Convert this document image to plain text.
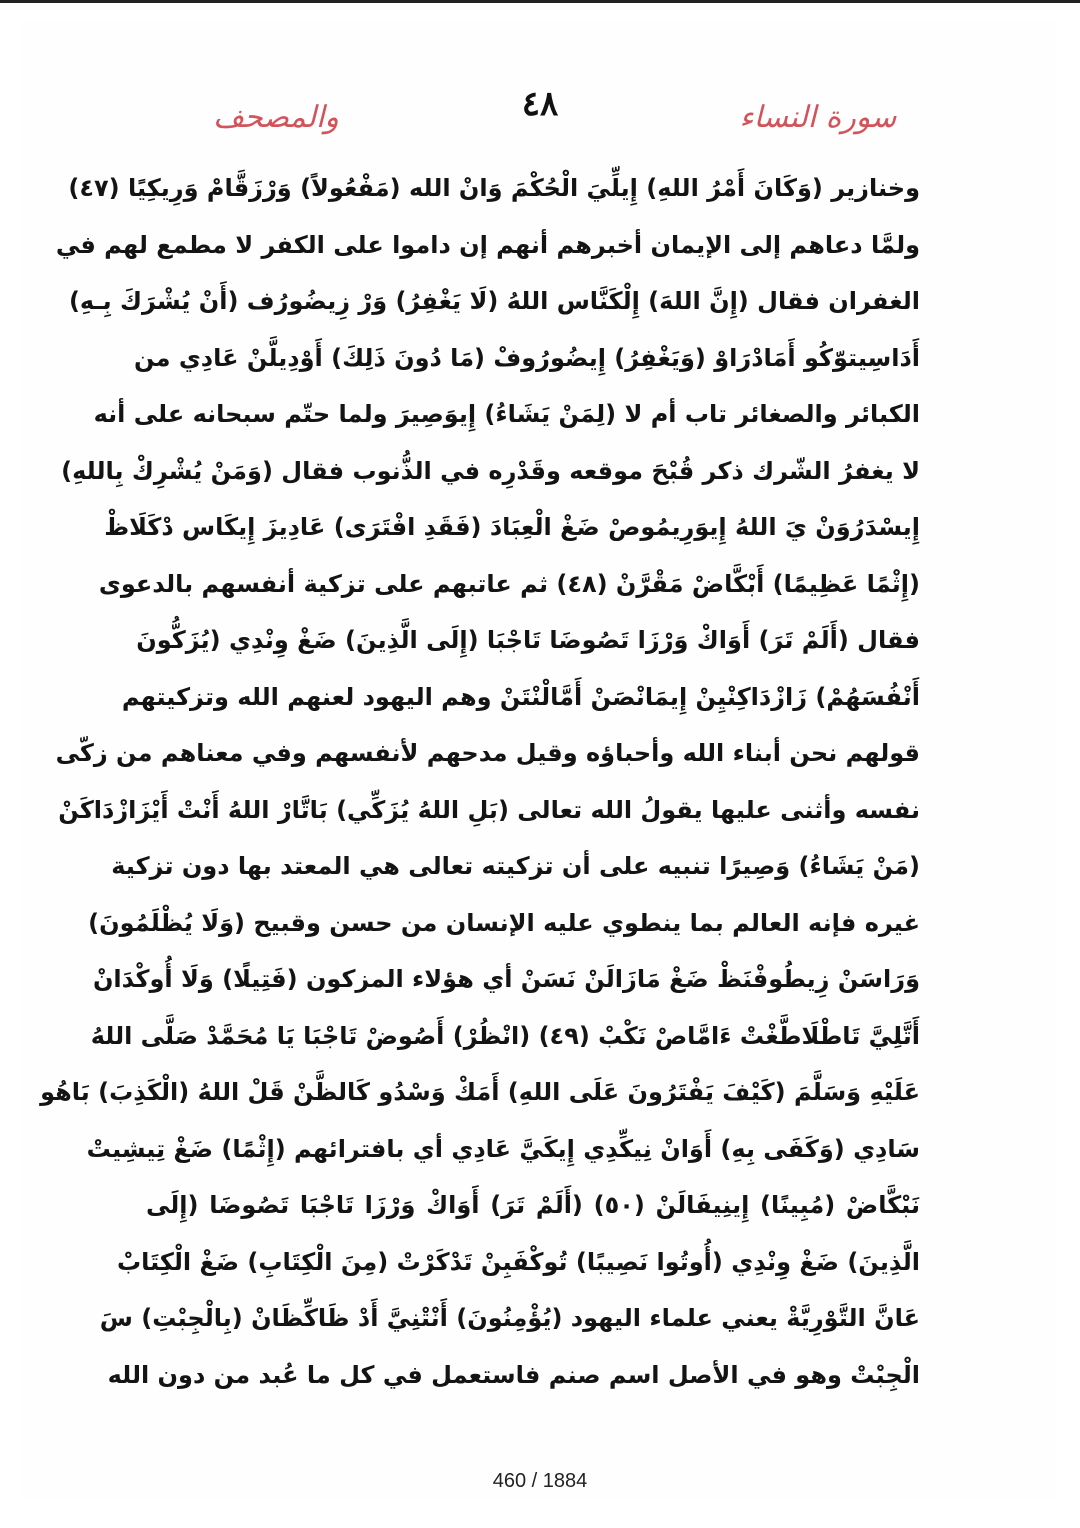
سورة النساء
٤٨
والمصحف
وخنازير (وَكَانَ أَمْرُ اللهِ) إِيلِّيَ الْحُكْمَ وَانْ الله (مَفْعُولاً) وَرْزَقَّامْ وَرِيكِيًا (٤٧)
ولمَّا دعاهم إلى الإيمان أخبرهم أنهم إن داموا على الكفر لا مطمع لهم في
الغفران فقال (إِنَّ اللهَ) إِلْكَنَّاس اللهُ (لَا يَغْفِرُ) وَرْ زِيضُورُف (أَنْ يُشْرَكَ بِـهِ)
أَدَاسِيتوّكُو أَمَادْرَاوْ (وَيَغْفِرُ) إِيضُورُوفْ (مَا دُونَ ذَلِكَ) أَوْدِيلَّنْ عَادِي من
الكبائر والصغائر تاب أم لا (لِمَنْ يَشَاءُ) إِيوَصِيرَ ولما حتّم سبحانه على أنه
لا يغفرُ الشّرك ذكر قُبْحَ موقعه وقَدْرِه في الذُّنوب فقال (وَمَنْ يُشْرِكْ بِاللهِ)
إِيسْدَرُوَنْ يَ اللهُ إِيوَرِيمُوصْ ضَغْ الْعِبَادَ (فَقَدِ افْتَرَى) عَادِيزَ إِيكَاس دْكَلَاظْ
(إِثْمًا عَظِيمًا) أَبْكَّاضْ مَقْرَّنْ (٤٨) ثم عاتبهم على تزكية أنفسهم بالدعوى
فقال (أَلَمْ تَرَ) أَوَاكْ وَرْزَا تَصُوضَا تَاجْبَا (إِلَى الَّذِينَ) ضَغْ وِنْدِي (يُزَكُّونَ
أَنْفُسَهُمْ) زَازْدَاكِنْيِنْ إِيمَانْصَنْ أَمَّالْنْتَنْ وهم اليهود لعنهم الله وتزكيتهم
قولهم نحن أبناء الله وأحباؤه وقيل مدحهم لأنفسهم وفي معناهم من زكّى
نفسه وأثنى عليها يقولُ الله تعالى (بَلِ اللهُ يُزَكِّي) بَاتَّارْ اللهُ أَنْتْ أَيْزَازْدَاكَنْ
(مَنْ يَشَاءُ) وَصِيرًا تنبيه على أن تزكيته تعالى هي المعتد بها دون تزكية
غيره فإنه العالم بما ينطوي عليه الإنسان من حسن وقبيح (وَلَا يُظْلَمُونَ)
وَرَاسَنْ زِيطُوفْنَظْ ضَغْ مَازَالَنْ نَسَنْ أي هؤلاء المزكون (فَتِيلًا) وَلَا أُوكْدَانْ
أَتَّلِيَّ تَاطْلَاطَّغْتْ ءَامَّاصْ نَكْبْ (٤٩) (انْظُرْ) أَصُوضْ تَاجْبَا يَا مُحَمَّدْ صَلَّى اللهُ
عَلَيْهِ وَسَلَّمَ (كَيْفَ يَفْتَرُونَ عَلَى اللهِ) أَمَكْ وَسْدُو كَالظَّنْ قَلْ اللهُ (الْكَذِبَ) بَاهُو
سَادِي (وَكَفَى بِهِ) أَوَانْ نِيكِّدِي إِيكَيَّ عَادِي أي بافترائهم (إِثْمًا) ضَغْ تِيشِيتْ
نَبْكَّاضْ (مُبِينًا) إِينِيفَالَنْ (٥٠) (أَلَمْ تَرَ) أَوَاكْ وَرْزَا تَاجْبَا تَصُوضَا (إِلَى
الَّذِينَ) ضَغْ وِنْدِي (أُوتُوا نَصِيبًا) تُوكْفَبِنْ تَدْكَرْتْ (مِنَ الْكِتَابِ) ضَغْ الْكِتَابْ
عَانَّ التَّوْرِيَّةْ يعني علماء اليهود (يُؤْمِنُونَ) أَنْتْنِيَّ أَدْ ظَاكِّظَانْ (بِالْجِبْتِ) سَ
الْجِبْتْ وهو في الأصل اسم صنم فاستعمل في كل ما عُبد من دون الله
460 / 1884
